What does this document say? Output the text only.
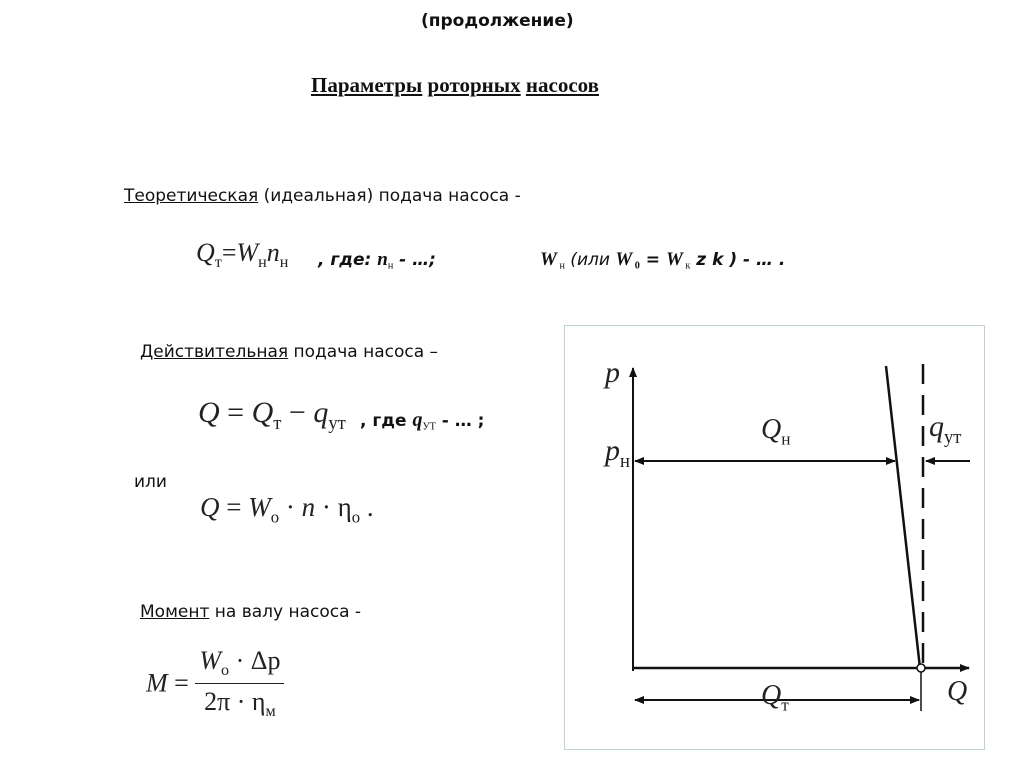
(продолжение)
Параметры роторных насосов
Теоретическая (идеальная) подача насоса -
$Q_т=W_нn_н$ , где: $n_н$ - …;	W $_н$ (или W $_0$ = W $_к$ z k ) - … .
Действительная подача насоса –
$Q = Q_т - q_{ут}$ , где $q_{УТ}$ - … ;
или
$Q = W_о \cdot n \cdot \eta_о$ .
Момент на валу насоса -
$M = \frac{W_о \cdot \Delta p}{2\pi \cdot \eta_м}$
p
$p_н$
$Q_н$	$q_{ут}$
Q
$Q_т$
